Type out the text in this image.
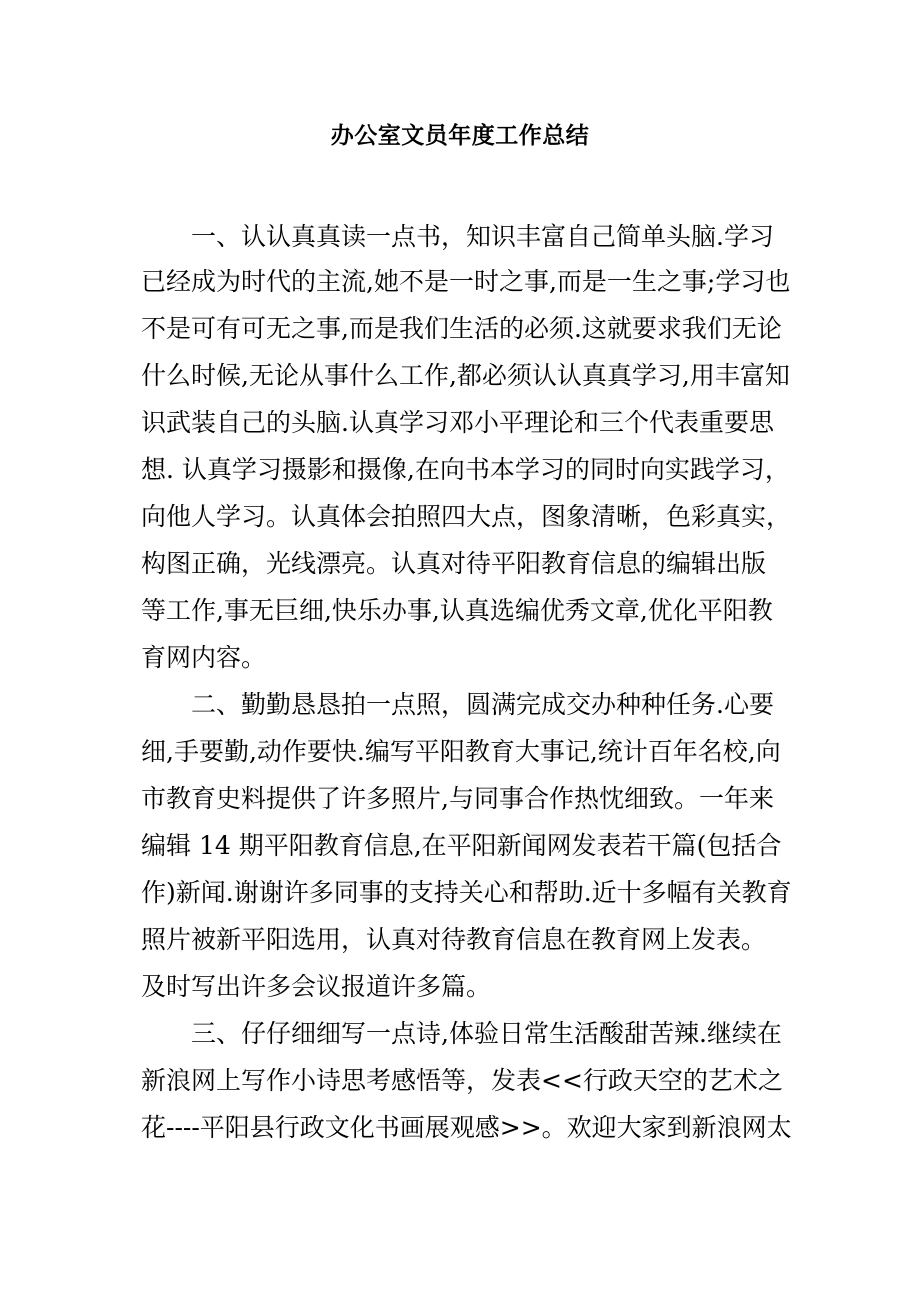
办公室文员年度工作总结
一、认认真真读一点书，知识丰富自己简单头脑.学习
已经成为时代的主流,她不是一时之事,而是一生之事;学习也
不是可有可无之事,而是我们生活的必须.这就要求我们无论
什么时候,无论从事什么工作,都必须认认真真学习,用丰富知
识武装自己的头脑.认真学习邓小平理论和三个代表重要思
想. 认真学习摄影和摄像,在向书本学习的同时向实践学习，
向他人学习。认真体会拍照四大点，图象清晰，色彩真实，
构图正确，光线漂亮。认真对待平阳教育信息的编辑出版
等工作,事无巨细,快乐办事,认真选编优秀文章,优化平阳教
育网内容。
二、勤勤恳恳拍一点照，圆满完成交办种种任务.心要
细,手要勤,动作要快.编写平阳教育大事记,统计百年名校,向
市教育史料提供了许多照片,与同事合作热忱细致。一年来
编辑 14 期平阳教育信息,在平阳新闻网发表若干篇(包括合
作)新闻.谢谢许多同事的支持关心和帮助.近十多幅有关教育
照片被新平阳选用，认真对待教育信息在教育网上发表。
及时写出许多会议报道许多篇。
三、仔仔细细写一点诗,体验日常生活酸甜苦辣.继续在
新浪网上写作小诗思考感悟等，发表<<行政天空的艺术之
花----平阳县行政文化书画展观感>>。欢迎大家到新浪网太
